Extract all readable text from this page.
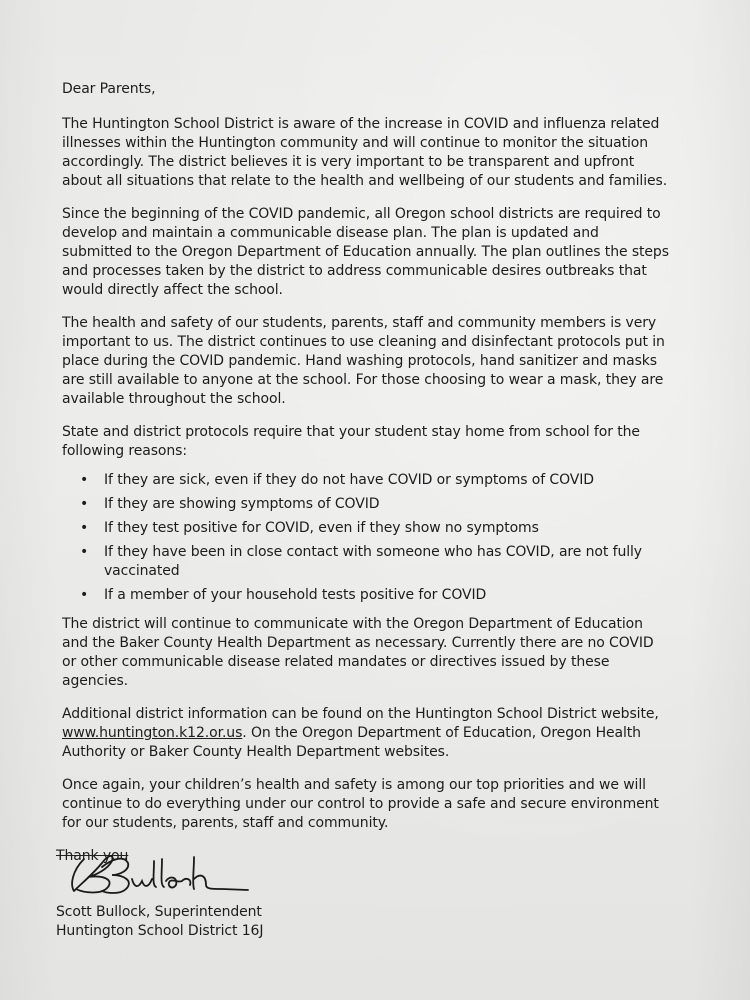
Dear Parents,

The Huntington School District is aware of the increase in COVID and influenza related illnesses within the Huntington community and will continue to monitor the situation accordingly. The district believes it is very important to be transparent and upfront about all situations that relate to the health and wellbeing of our students and families.

Since the beginning of the COVID pandemic, all Oregon school districts are required to develop and maintain a communicable disease plan. The plan is updated and submitted to the Oregon Department of Education annually. The plan outlines the steps and processes taken by the district to address communicable desires outbreaks that would directly affect the school.

The health and safety of our students, parents, staff and community members is very important to us. The district continues to use cleaning and disinfectant protocols put in place during the COVID pandemic. Hand washing protocols, hand sanitizer and masks are still available to anyone at the school. For those choosing to wear a mask, they are available throughout the school.

State and district protocols require that your student stay home from school for the following reasons:

• If they are sick, even if they do not have COVID or symptoms of COVID
• If they are showing symptoms of COVID
• If they test positive for COVID, even if they show no symptoms
• If they have been in close contact with someone who has COVID, are not fully vaccinated
• If a member of your household tests positive for COVID

The district will continue to communicate with the Oregon Department of Education and the Baker County Health Department as necessary. Currently there are no COVID or other communicable disease related mandates or directives issued by these agencies.

Additional district information can be found on the Huntington School District website, www.huntington.k12.or.us. On the Oregon Department of Education, Oregon Health Authority or Baker County Health Department websites.

Once again, your children’s health and safety is among our top priorities and we will continue to do everything under our control to provide a safe and secure environment for our students, parents, staff and community.

Thank you
Bulloch
Scott Bullock, Superintendent
Huntington School District 16J
